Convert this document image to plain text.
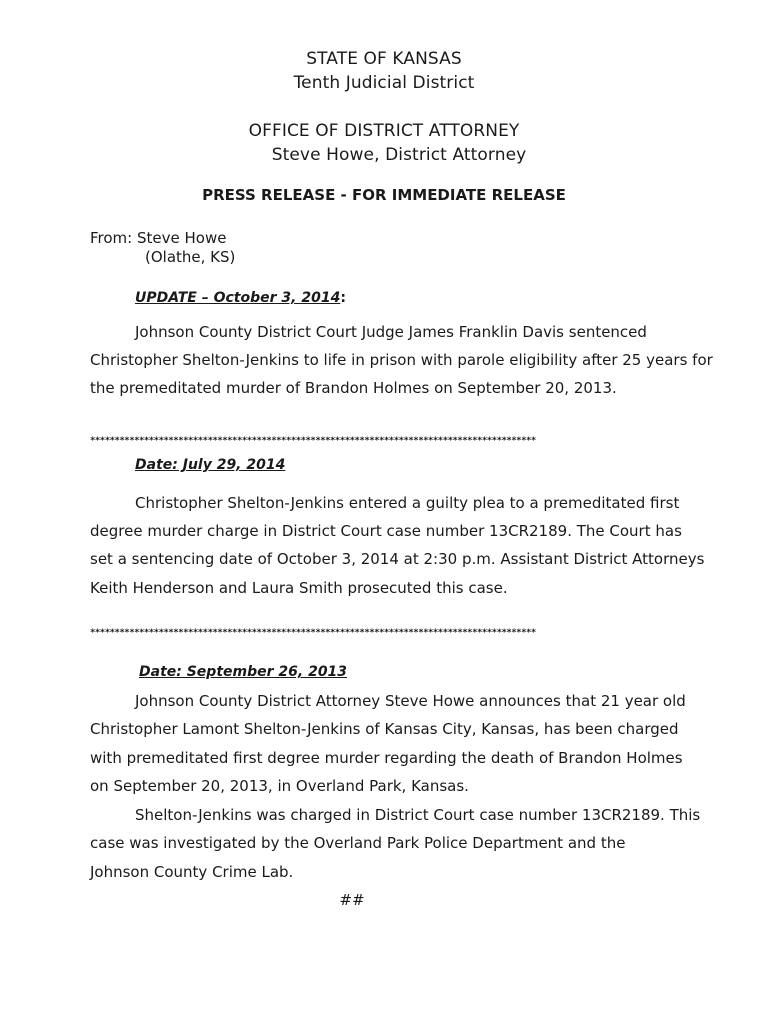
STATE OF KANSAS
Tenth Judicial District
OFFICE OF DISTRICT ATTORNEY
Steve Howe, District Attorney
PRESS RELEASE - FOR IMMEDIATE RELEASE
From: Steve Howe
(Olathe, KS)
UPDATE – October 3, 2014:
Johnson County District Court Judge James Franklin Davis sentenced
Christopher Shelton-Jenkins to life in prison with parole eligibility after 25 years for
the premeditated murder of Brandon Holmes on September 20, 2013.
*******************************************************************************************
Date: July 29, 2014
Christopher Shelton-Jenkins entered a guilty plea to a premeditated first
degree murder charge in District Court case number 13CR2189. The Court has
set a sentencing date of October 3, 2014 at 2:30 p.m. Assistant District Attorneys
Keith Henderson and Laura Smith prosecuted this case.
*******************************************************************************************
Date: September 26, 2013
Johnson County District Attorney Steve Howe announces that 21 year old
Christopher Lamont Shelton-Jenkins of Kansas City, Kansas, has been charged
with premeditated first degree murder regarding the death of Brandon Holmes
on September 20, 2013, in Overland Park, Kansas.
Shelton-Jenkins was charged in District Court case number 13CR2189. This
case was investigated by the Overland Park Police Department and the
Johnson County Crime Lab.
##
